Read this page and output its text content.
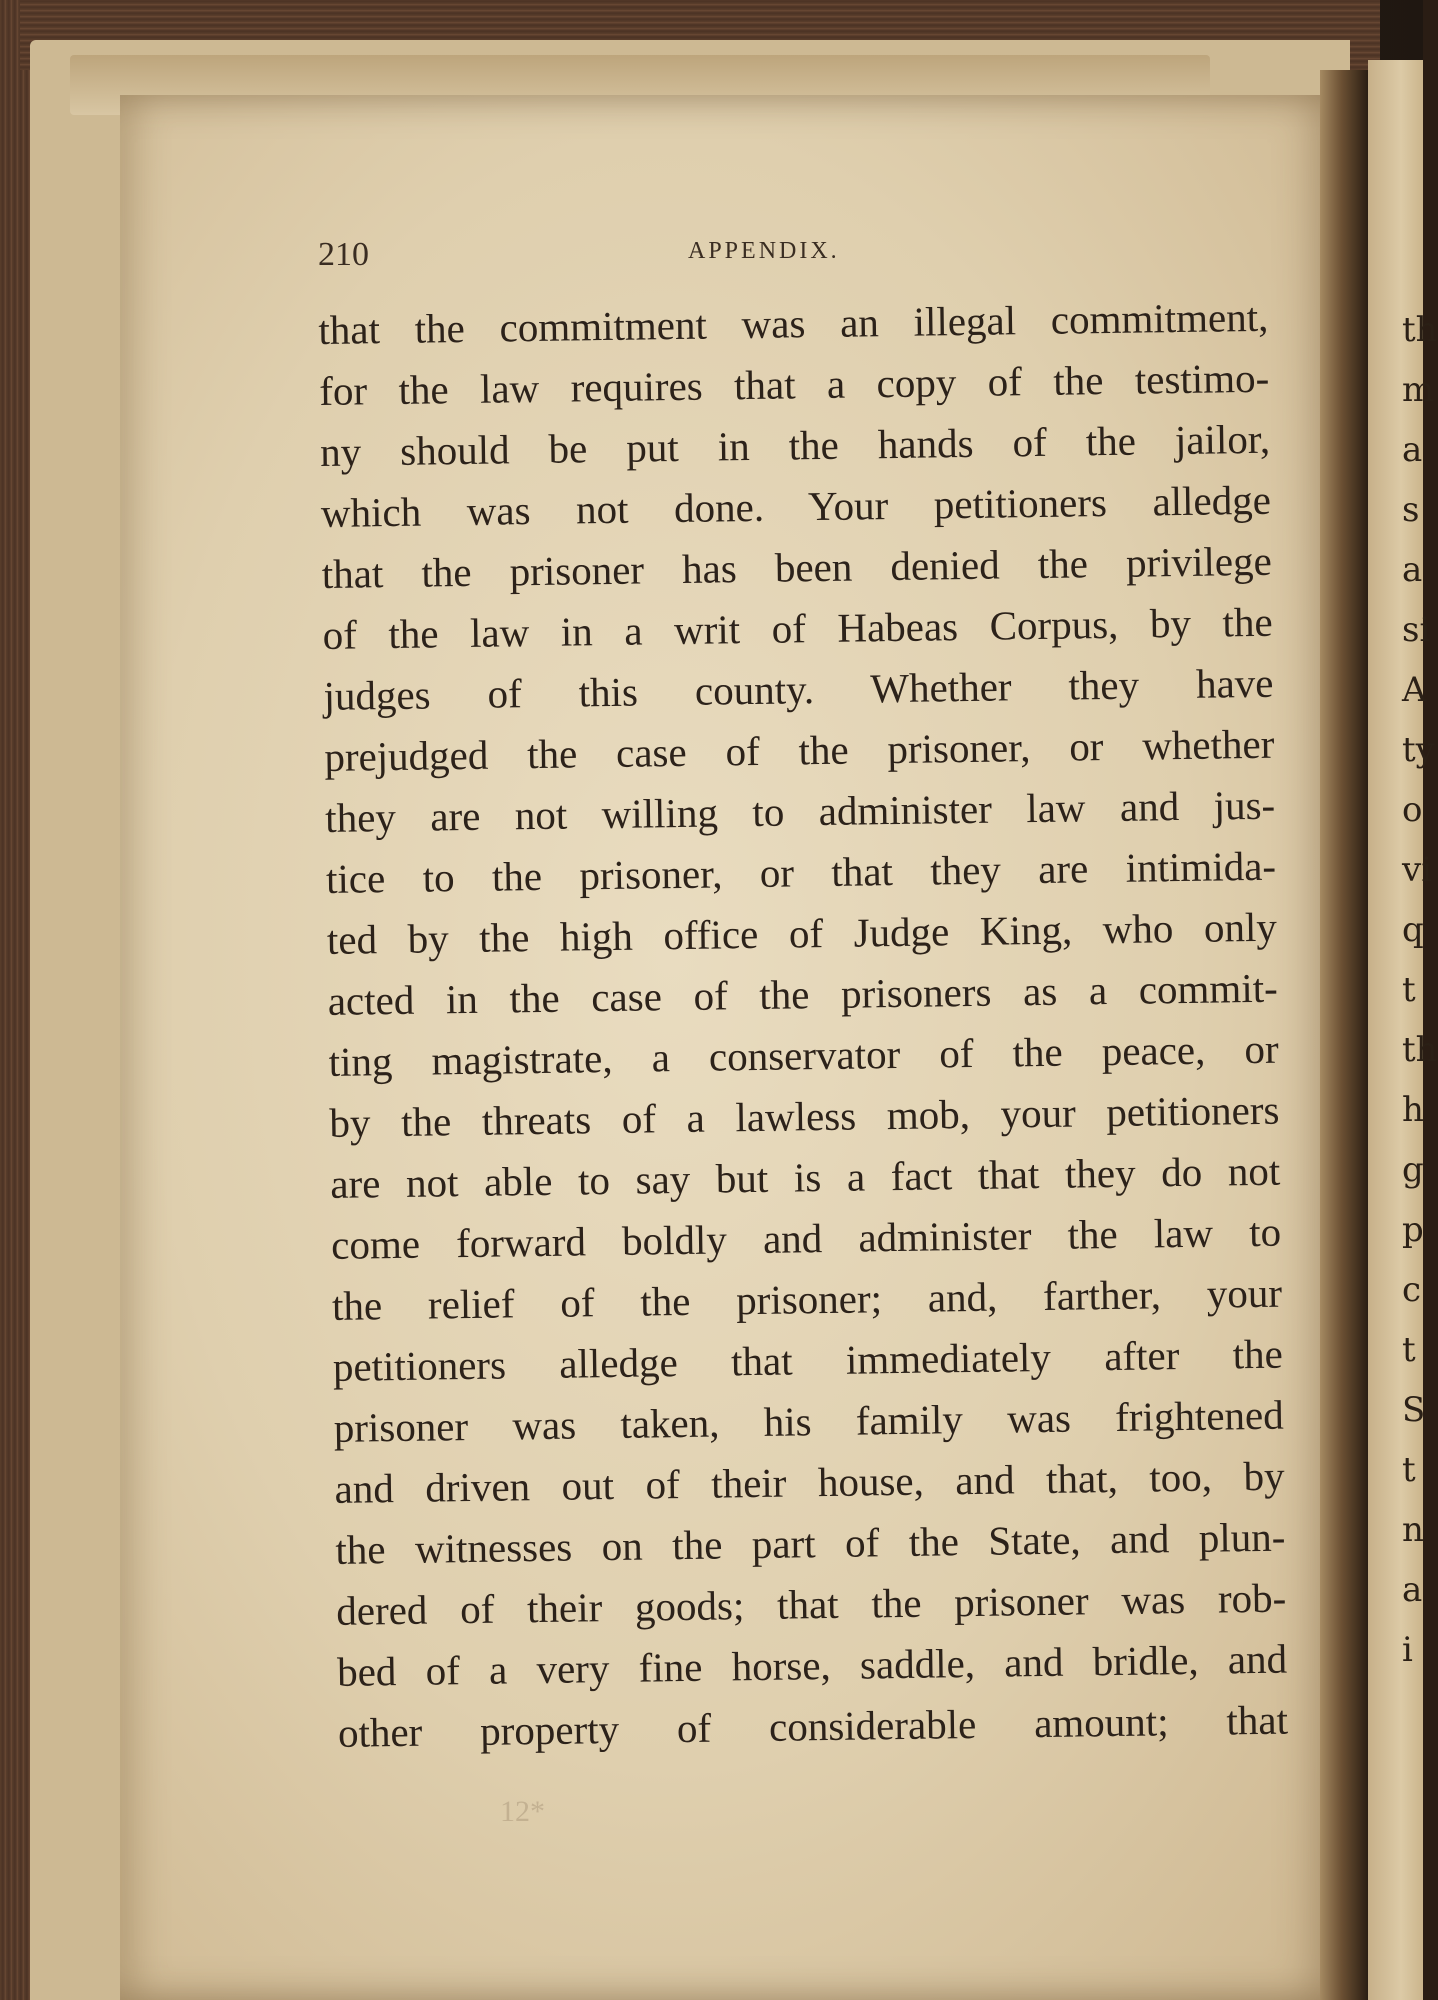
th
m
a
s
a
si
A
ty
o
vi
q
t
th
h
g
p
c
t
S
t
n
a
i
210	APPENDIX.
that the commitment was an illegal commitment,
for the law requires that a copy of the testimo-
ny should be put in the hands of the jailor,
which was not done. Your petitioners alledge
that the prisoner has been denied the privilege
of the law in a writ of Habeas Corpus, by the
judges of this county. Whether they have
prejudged the case of the prisoner, or whether
they are not willing to administer law and jus-
tice to the prisoner, or that they are intimida-
ted by the high office of Judge King, who only
acted in the case of the prisoners as a commit-
ting magistrate, a conservator of the peace, or
by the threats of a lawless mob, your petitioners
are not able to say but is a fact that they do not
come forward boldly and administer the law to
the relief of the prisoner; and, farther, your
petitioners alledge that immediately after the
prisoner was taken, his family was frightened
and driven out of their house, and that, too, by
the witnesses on the part of the State, and plun-
dered of their goods; that the prisoner was rob-
bed of a very fine horse, saddle, and bridle, and
other property of considerable amount; that
12*
